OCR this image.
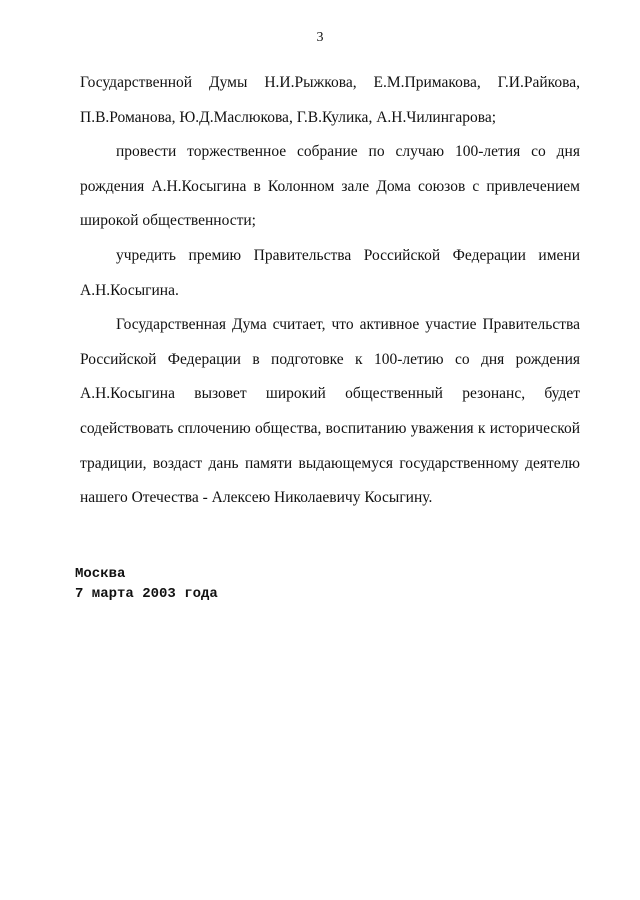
3

Государственной Думы Н.И.Рыжкова, Е.М.Примакова, Г.И.Райкова, П.В.Романова, Ю.Д.Маслюкова, Г.В.Кулика, А.Н.Чилингарова;

провести торжественное собрание по случаю 100-летия со дня рождения А.Н.Косыгина в Колонном зале Дома союзов с привлечением широкой общественности;

учредить премию Правительства Российской Федерации имени А.Н.Косыгина.

Государственная Дума считает, что активное участие Правительства Российской Федерации в подготовке к 100-летию со дня рождения А.Н.Косыгина вызовет широкий общественный резонанс, будет содействовать сплочению общества, воспитанию уважения к исторической традиции, воздаст дань памяти выдающемуся государственному деятелю нашего Отечества - Алексею Николаевичу Косыгину.

Москва
7 марта 2003 года
